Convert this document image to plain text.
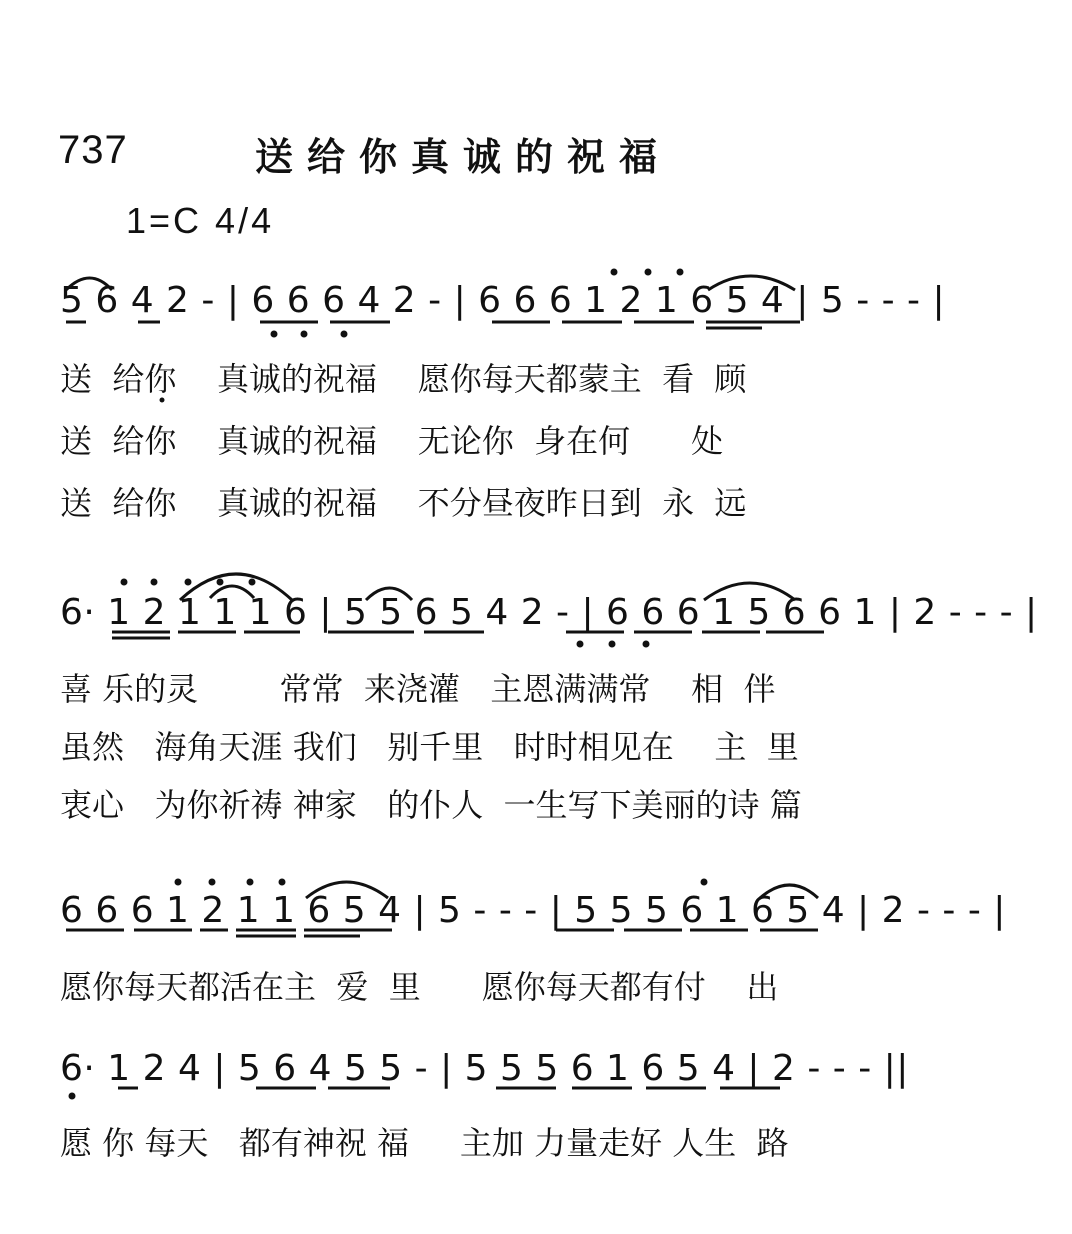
737	送给你真诚的祝福
1=C 4/4
5 6 4 2 - | 6 6 6 4 2 - | 6 6 6 1 2 1 6 5 4 | 5 - - - |
送  给你    真诚的祝福    愿你每天都蒙主  看  顾
送  给你    真诚的祝福    无论你  身在何      处
送  给你    真诚的祝福    不分昼夜昨日到  永  远
6· 1 2 1 1 1 6 | 5 5 6 5 4 2 - | 6 6 6 1 5 6 6 1 | 2 - - - |
喜 乐的灵        常常  来浇灌   主恩满满常    相  伴
虽然   海角天涯 我们   别千里   时时相见在    主  里
衷心   为你祈祷 神家   的仆人  一生写下美丽的诗 篇
6 6 6 1 2 1 1 6 5 4 | 5 - - - | 5 5 5 6 1 6 5 4 | 2 - - - |
愿你每天都活在主  爱  里      愿你每天都有付    出
6· 1 2 4 | 5 6 4 5 5 - | 5 5 5 6 1 6 5 4 | 2 - - - ||
愿 你 每天   都有神祝 福     主加 力量走好 人生  路
